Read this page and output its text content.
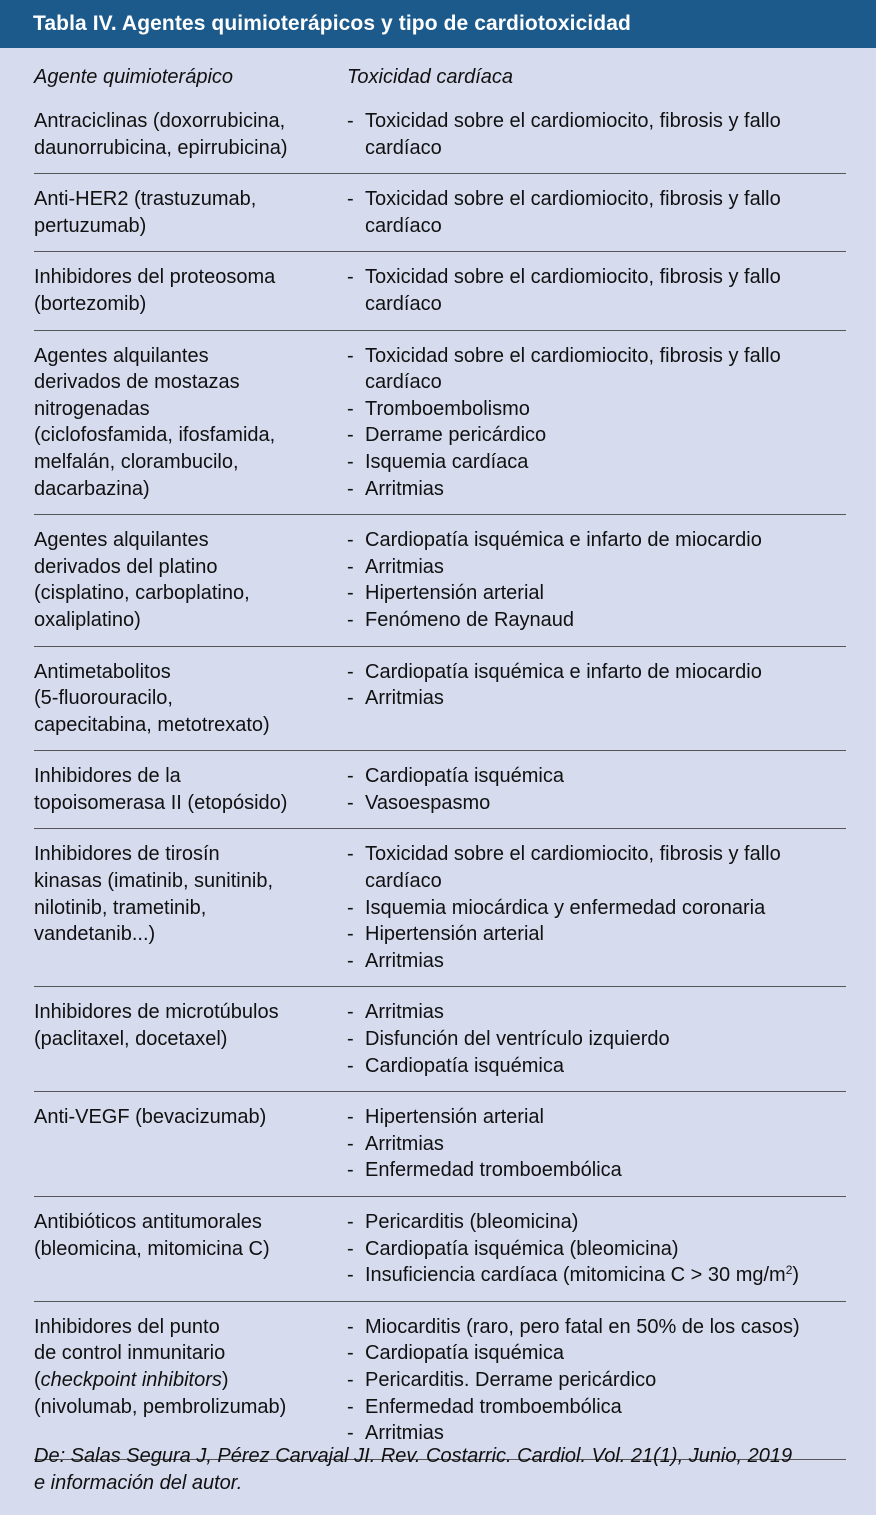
Tabla IV. Agentes quimioterápicos y tipo de cardiotoxicidad
Agente quimioterápico	Toxicidad cardíaca
Antraciclinas (doxorrubicina,
daunorrubicina, epirrubicina)
- Toxicidad sobre el cardiomiocito, fibrosis y fallo cardíaco
Anti-HER2 (trastuzumab,
pertuzumab)
- Toxicidad sobre el cardiomiocito, fibrosis y fallo cardíaco
Inhibidores del proteosoma
(bortezomib)
- Toxicidad sobre el cardiomiocito, fibrosis y fallo cardíaco
Agentes alquilantes
derivados de mostazas
nitrogenadas
(ciclofosfamida, ifosfamida,
melfalán, clorambucilo,
dacarbazina)
- Toxicidad sobre el cardiomiocito, fibrosis y fallo cardíaco
- Tromboembolismo
- Derrame pericárdico
- Isquemia cardíaca
- Arritmias
Agentes alquilantes
derivados del platino
(cisplatino, carboplatino,
oxaliplatino)
- Cardiopatía isquémica e infarto de miocardio
- Arritmias
- Hipertensión arterial
- Fenómeno de Raynaud
Antimetabolitos
(5-fluorouracilo,
capecitabina, metotrexato)
- Cardiopatía isquémica e infarto de miocardio
- Arritmias
Inhibidores de la
topoisomerasa II (etopósido)
- Cardiopatía isquémica
- Vasoespasmo
Inhibidores de tirosín
kinasas (imatinib, sunitinib,
nilotinib, trametinib,
vandetanib...)
- Toxicidad sobre el cardiomiocito, fibrosis y fallo cardíaco
- Isquemia miocárdica y enfermedad coronaria
- Hipertensión arterial
- Arritmias
Inhibidores de microtúbulos
(paclitaxel, docetaxel)
- Arritmias
- Disfunción del ventrículo izquierdo
- Cardiopatía isquémica
Anti-VEGF (bevacizumab)	- Hipertensión arterial
- Arritmias
- Enfermedad tromboembólica
Antibióticos antitumorales
(bleomicina, mitomicina C)
- Pericarditis (bleomicina)
- Cardiopatía isquémica (bleomicina)
- Insuficiencia cardíaca (mitomicina C > 30 $mg/m^2$)
Inhibidores del punto
de control inmunitario
(checkpoint inhibitors)
(nivolumab, pembrolizumab)
- Miocarditis (raro, pero fatal en 50% de los casos)
- Cardiopatía isquémica
- Pericarditis. Derrame pericárdico
- Enfermedad tromboembólica
- Arritmias
De: Salas Segura J, Pérez Carvajal JI. Rev. Costarric. Cardiol. Vol. 21(1), Junio, 2019
e información del autor.
